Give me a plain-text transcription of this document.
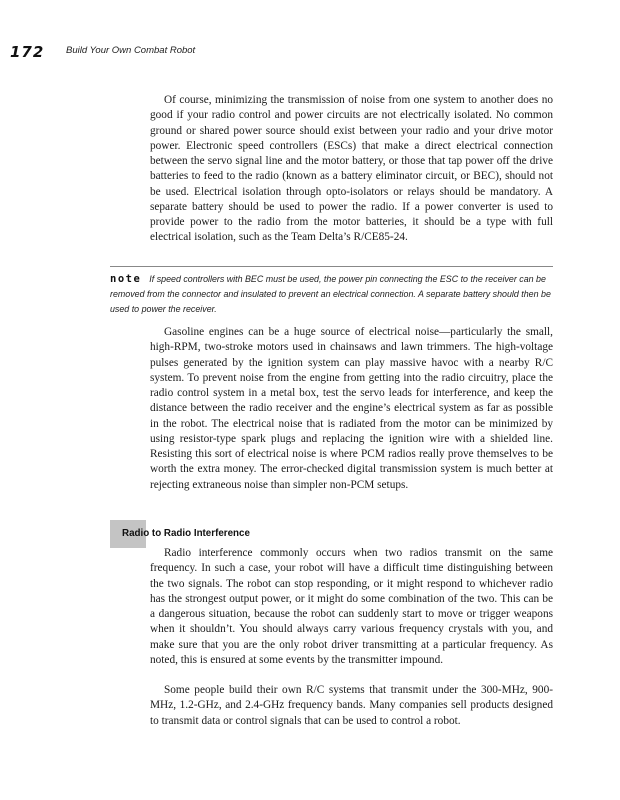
172 Build Your Own Combat Robot

Of course, minimizing the transmission of noise from one system to another does no good if your radio control and power circuits are not electrically isolated. No common ground or shared power source should exist between your radio and your drive motor power. Electronic speed controllers (ESCs) that make a direct electrical connection between the servo signal line and the motor battery, or those that tap power off the drive batteries to feed to the radio (known as a battery eliminator circuit, or BEC), should not be used. Electrical isolation through opto-isolators or relays should be mandatory. A separate battery should be used to power the radio. If a power converter is used to provide power to the radio from the motor batteries, it should be a type with full electrical isolation, such as the Team Delta’s R/CE85-24.

note If speed controllers with BEC must be used, the power pin connecting the ESC to the receiver can be removed from the connector and insulated to prevent an electrical connection. A separate battery should then be used to power the receiver.

Gasoline engines can be a huge source of electrical noise—particularly the small, high-RPM, two-stroke motors used in chainsaws and lawn trimmers. The high-voltage pulses generated by the ignition system can play massive havoc with a nearby R/C system. To prevent noise from the engine from getting into the radio circuitry, place the radio control system in a metal box, test the servo leads for interference, and keep the distance between the radio receiver and the engine’s electrical system as far as possible in the robot. The electrical noise that is radiated from the motor can be minimized by using resistor-type spark plugs and replacing the ignition wire with a shielded line. Resisting this sort of electrical noise is where PCM radios really prove themselves to be worth the extra money. The error-checked digital transmission system is much better at rejecting extraneous noise than simpler non-PCM setups.

Radio to Radio Interference

Radio interference commonly occurs when two radios transmit on the same frequency. In such a case, your robot will have a difficult time distinguishing between the two signals. The robot can stop responding, or it might respond to whichever radio has the strongest output power, or it might do some combination of the two. This can be a dangerous situation, because the robot can suddenly start to move or trigger weapons when it shouldn’t. You should always carry various frequency crystals with you, and make sure that you are the only robot driver transmitting at a particular frequency. As noted, this is ensured at some events by the transmitter impound.

Some people build their own R/C systems that transmit under the 300-MHz, 900-MHz, 1.2-GHz, and 2.4-GHz frequency bands. Many companies sell products designed to transmit data or control signals that can be used to control a robot.
